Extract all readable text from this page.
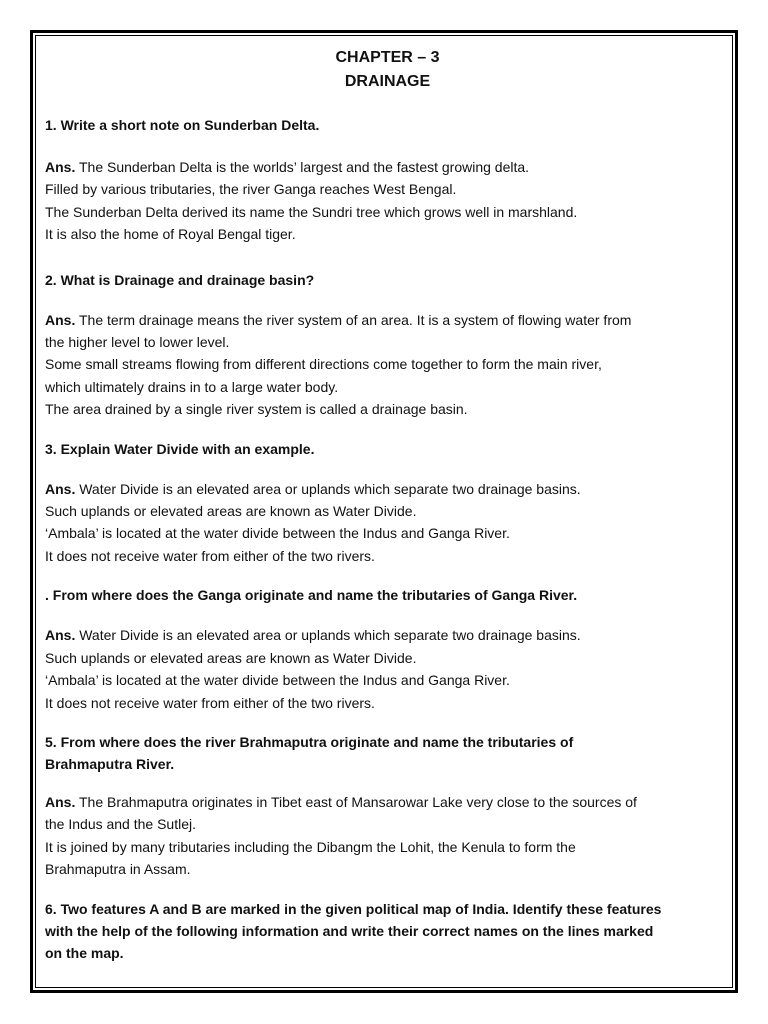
CHAPTER – 3
DRAINAGE
1. Write a short note on Sunderban Delta.
Ans. The Sunderban Delta is the worlds’ largest and the fastest growing delta.
Filled by various tributaries, the river Ganga reaches West Bengal.
The Sunderban Delta derived its name the Sundri tree which grows well in marshland.
It is also the home of Royal Bengal tiger.
2. What is Drainage and drainage basin?
Ans. The term drainage means the river system of an area. It is a system of flowing water from
the higher level to lower level.
Some small streams flowing from different directions come together to form the main river,
which ultimately drains in to a large water body.
The area drained by a single river system is called a drainage basin.
3. Explain Water Divide with an example.
Ans. Water Divide is an elevated area or uplands which separate two drainage basins.
Such uplands or elevated areas are known as Water Divide.
‘Ambala’ is located at the water divide between the Indus and Ganga River.
It does not receive water from either of the two rivers.
. From where does the Ganga originate and name the tributaries of Ganga River.
Ans. Water Divide is an elevated area or uplands which separate two drainage basins.
Such uplands or elevated areas are known as Water Divide.
‘Ambala’ is located at the water divide between the Indus and Ganga River.
It does not receive water from either of the two rivers.
5. From where does the river Brahmaputra originate and name the tributaries of
Brahmaputra River.
Ans. The Brahmaputra originates in Tibet east of Mansarowar Lake very close to the sources of
the Indus and the Sutlej.
It is joined by many tributaries including the Dibangm the Lohit, the Kenula to form the
Brahmaputra in Assam.
6. Two features A and B are marked in the given political map of India. Identify these features
with the help of the following information and write their correct names on the lines marked
on the map.
